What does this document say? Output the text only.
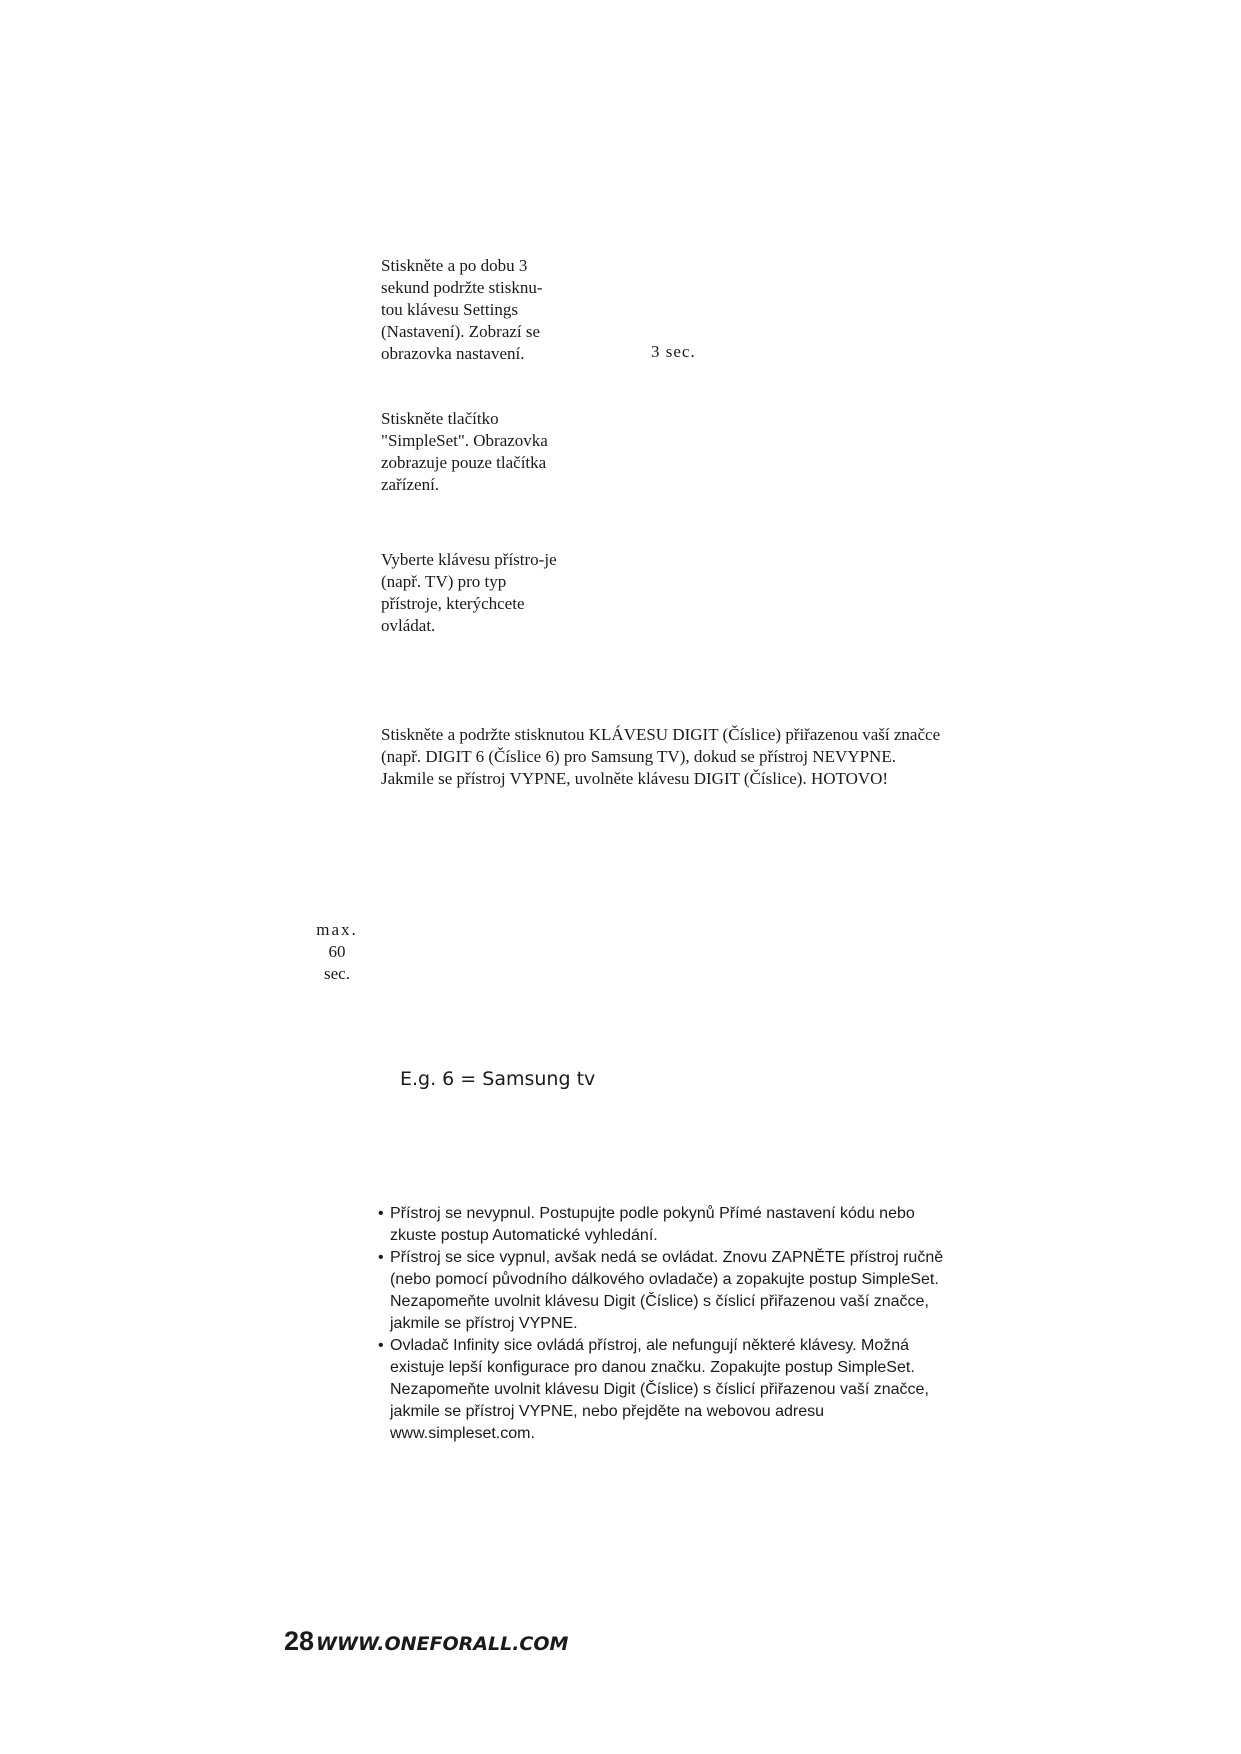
Stiskněte a po dobu 3 sekund podržte stisknu-tou klávesu Settings (Nastavení). Zobrazí se obrazovka nastavení.	3 sec.

Stiskněte tlačítko "SimpleSet". Obrazovka zobrazuje pouze tlačítka zařízení.

Vyberte klávesu přístro-je (např. TV) pro typ přístroje, kterýchcete ovládat.

Stiskněte a podržte stisknutou KLÁVESU DIGIT (Číslice) přiřazenou vaší značce (např. DIGIT 6 (Číslice 6) pro Samsung TV), dokud se přístroj NEVYPNE. Jakmile se přístroj VYPNE, uvolněte klávesu DIGIT (Číslice). HOTOVO!

max.
60
sec.
E.g. 6 = Samsung tv
• Přístroj se nevypnul. Postupujte podle pokynů Přímé nastavení kódu nebo zkuste postup Automatické vyhledání.
• Přístroj se sice vypnul, avšak nedá se ovládat. Znovu ZAPNĚTE přístroj ručně (nebo pomocí původního dálkového ovladače) a zopakujte postup SimpleSet. Nezapomeňte uvolnit klávesu Digit (Číslice) s číslicí přiřazenou vaší značce, jakmile se přístroj VYPNE.
• Ovladač Infinity sice ovládá přístroj, ale nefungují některé klávesy. Možná existuje lepší konfigurace pro danou značku. Zopakujte postup SimpleSet. Nezapomeňte uvolnit klávesu Digit (Číslice) s číslicí přiřazenou vaší značce, jakmile se přístroj VYPNE, nebo přejděte na webovou adresu www.simpleset.com.
28 WWW.ONEFORALL.COM
